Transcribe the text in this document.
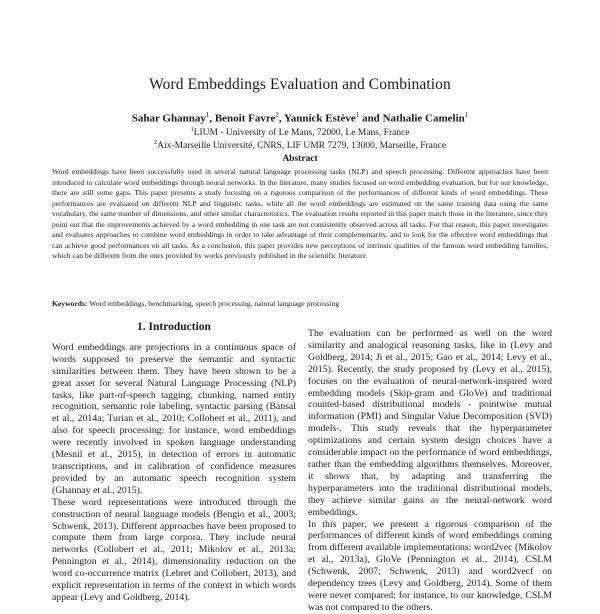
Word Embeddings Evaluation and Combination
Sahar Ghannay$^1$, Benoit Favre$^2$, Yannick Estève$^1$ and Nathalie Camelin$^1$
$^1$LIUM - University of Le Mans, 72000, Le Mans, France
$^2$Aix-Marseille Université, CNRS, LIF UMR 7279, 13000, Marseille, France
Abstract

Word embeddings have been successfully used in several natural language processing tasks (NLP) and speech processing. Different approaches have been introduced to calculate word embeddings through neural networks. In the literature, many studies focused on word embedding evaluation, but for our knowledge, there are still some gaps. This paper presents a study focusing on a rigorous comparison of the performances of different kinds of word embeddings. These performances are evaluated on different NLP and linguistic tasks, while all the word embeddings are estimated on the same training data using the same vocabulary, the same number of dimensions, and other similar characteristics. The evaluation results reported in this paper match those in the literature, since they point out that the improvements achieved by a word embedding in one task are not consistently observed across all tasks. For that reason, this paper investigates and evaluates approaches to combine word embeddings in order to take advantage of their complementarity, and to look for the effective word embeddings that can achieve good performances on all tasks. As a conclusion, this paper provides new perceptions of intrinsic qualities of the famous word embedding families, which can be different from the ones provided by works previously published in the scientific literature.

Keywords: Word embeddings, benchmarking, speech processing, natural language processing

1. Introduction

Word embeddings are projections in a continuous space of words supposed to preserve the semantic and syntactic similarities between them. They have been shown to be a great asset for several Natural Language Processing (NLP) tasks, like part-of-speech tagging, chunking, named entity recognition, semantic role labeling, syntactic parsing (Bansal et al., 2014a; Turian et al., 2010; Collobert et al., 2011), and also for speech processing: for instance, word embeddings were recently involved in spoken language understanding (Mesnil et al., 2015), in detection of errors in automatic transcriptions, and in calibration of confidence measures provided by an automatic speech recognition system (Ghannay et al., 2015).

These word representations were introduced through the construction of neural language models (Bengio et al., 2003; Schwenk, 2013). Different approaches have been proposed to compute them from large corpora. They include neural networks (Collobert et al., 2011; Mikolov et al., 2013a; Pennington et al., 2014), dimensionality reduction on the word co-occurrence matrix (Lebret and Collobert, 2013), and explicit representation in terms of the context in which words appear (Levy and Goldberg, 2014).

The evaluation can be performed as well on the word similarity and analogical reasoning tasks, like in (Levy and Goldberg, 2014; Ji et al., 2015; Gao et al., 2014; Levy et al., 2015). Recently, the study proposed by (Levy et al., 2015), focuses on the evaluation of neural-network-inspired word embedding models (Skip-gram and GloVe) and traditional counted-based distributional models - pointwise mutual information (PMI) and Singular Value Decomposition (SVD) models-. This study reveals that the hyperparameter optimizations and certain system design choices have a considerable impact on the performance of word embeddings, rather than the embedding algorithms themselves. Moreover, it shows that, by adapting and transferring the hyperparameters into the traditional distributional models, they achieve similar gains as the neural-network word embeddings.

In this paper, we present a rigorous comparison of the performances of different kinds of word embeddings coming from different available implementations: word2vec (Mikolov et al., 2013a), GloVe (Pennington et al., 2014), CSLM (Schwenk, 2007; Schwenk, 2013) and word2vecf on dependency trees (Levy and Goldberg, 2014). Some of them were never compared: for instance, to our knowledge, CSLM was not compared to the others.
